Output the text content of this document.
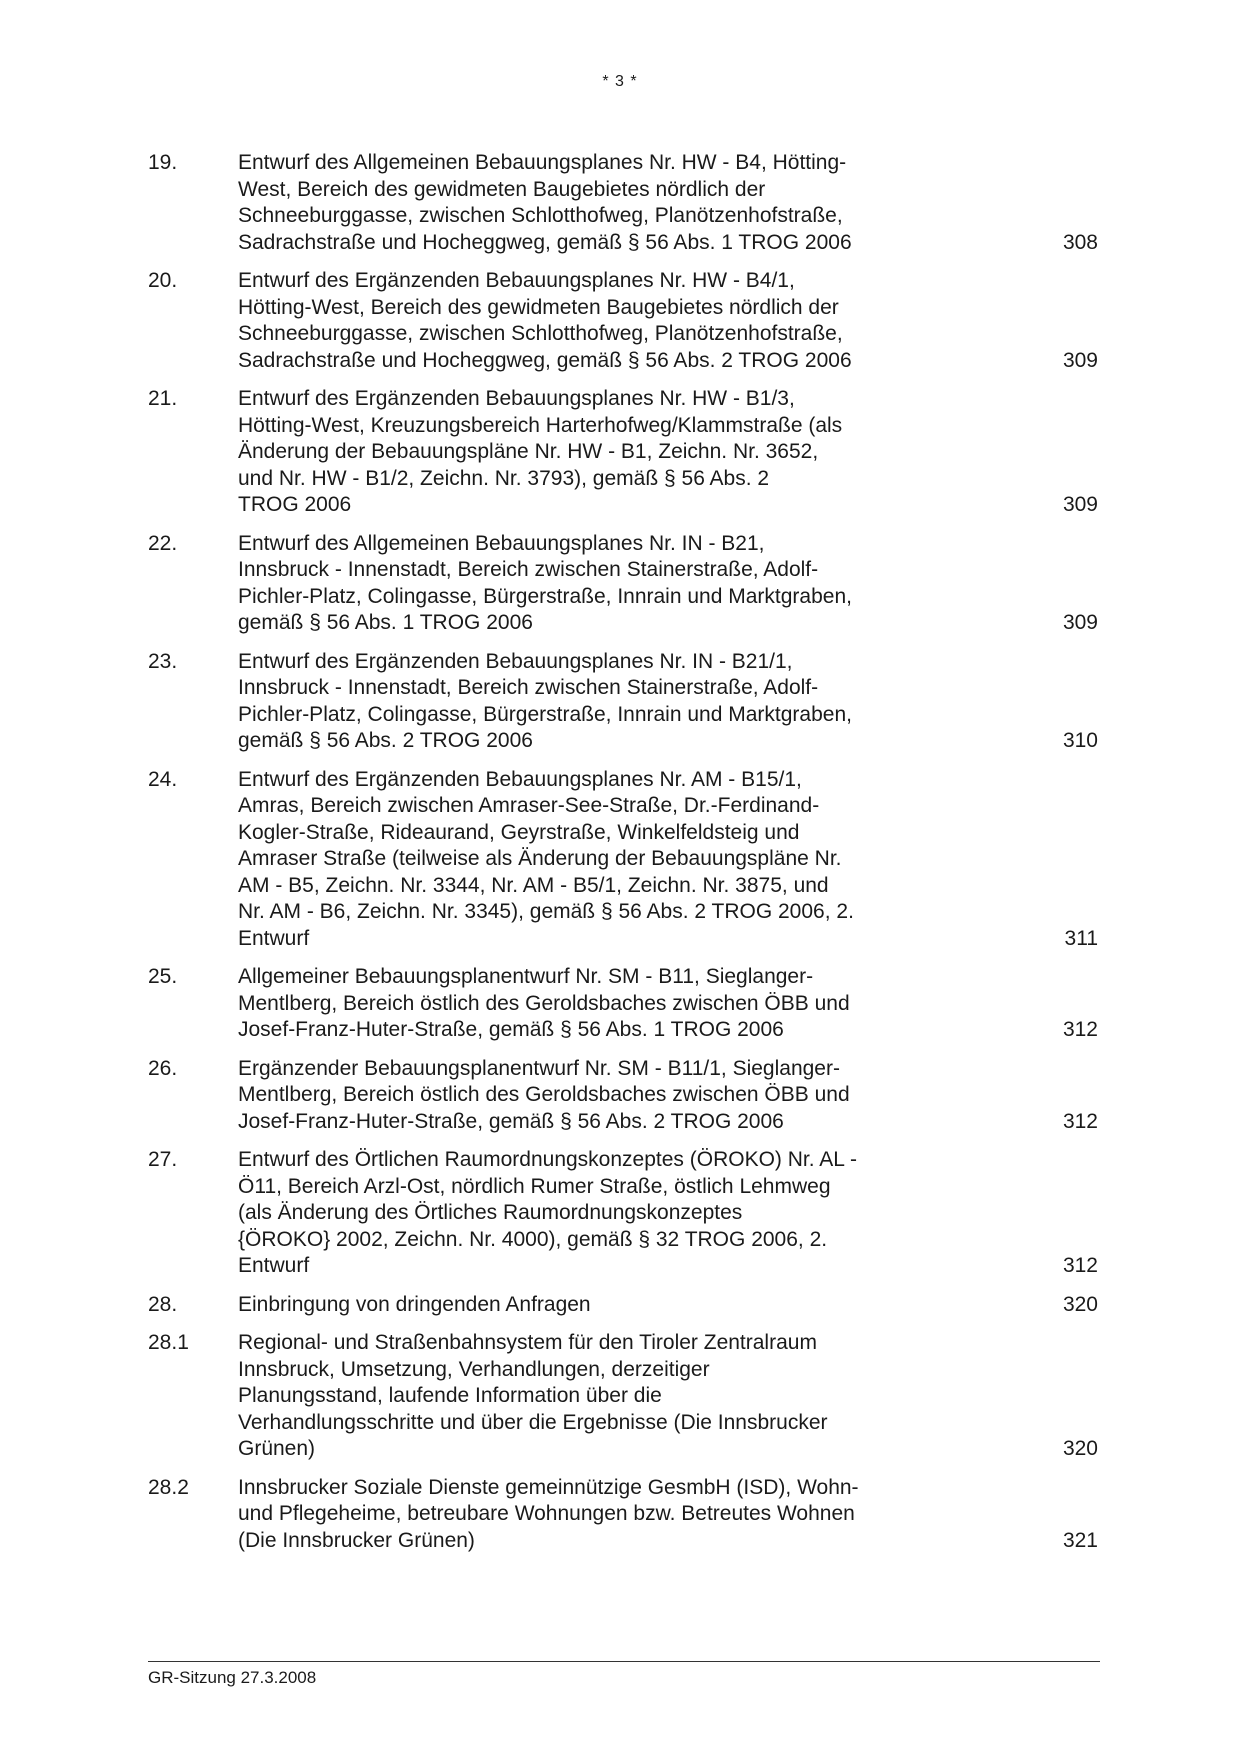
* 3 *
19.	Entwurf des Allgemeinen Bebauungsplanes Nr. HW - B4, Hötting-
West, Bereich des gewidmeten Baugebietes nördlich der
Schneeburggasse, zwischen Schlotthofweg, Planötzenhofstraße,
Sadrachstraße und Hocheggweg, gemäß § 56 Abs. 1 TROG 2006	308
20.	Entwurf des Ergänzenden Bebauungsplanes Nr. HW - B4/1,
Hötting-West, Bereich des gewidmeten Baugebietes nördlich der
Schneeburggasse, zwischen Schlotthofweg, Planötzenhofstraße,
Sadrachstraße und Hocheggweg, gemäß § 56 Abs. 2 TROG 2006	309
21.	Entwurf des Ergänzenden Bebauungsplanes Nr. HW - B1/3,
Hötting-West, Kreuzungsbereich Harterhofweg/Klammstraße (als
Änderung der Bebauungspläne Nr. HW - B1, Zeichn. Nr. 3652,
und Nr. HW - B1/2, Zeichn. Nr. 3793), gemäß § 56 Abs. 2
TROG 2006	309
22.	Entwurf des Allgemeinen Bebauungsplanes Nr. IN - B21,
Innsbruck - Innenstadt, Bereich zwischen Stainerstraße, Adolf-
Pichler-Platz, Colingasse, Bürgerstraße, Innrain und Marktgraben,
gemäß § 56 Abs. 1 TROG 2006	309
23.	Entwurf des Ergänzenden Bebauungsplanes Nr. IN - B21/1,
Innsbruck - Innenstadt, Bereich zwischen Stainerstraße, Adolf-
Pichler-Platz, Colingasse, Bürgerstraße, Innrain und Marktgraben,
gemäß § 56 Abs. 2 TROG 2006	310
24.	Entwurf des Ergänzenden Bebauungsplanes Nr. AM - B15/1,
Amras, Bereich zwischen Amraser-See-Straße, Dr.-Ferdinand-
Kogler-Straße, Rideaurand, Geyrstraße, Winkelfeldsteig und
Amraser Straße (teilweise als Änderung der Bebauungspläne Nr.
AM - B5, Zeichn. Nr. 3344, Nr. AM - B5/1, Zeichn. Nr. 3875, und
Nr. AM - B6, Zeichn. Nr. 3345), gemäß § 56 Abs. 2 TROG 2006, 2.
Entwurf	311
25.	Allgemeiner Bebauungsplanentwurf Nr. SM - B11, Sieglanger-
Mentlberg, Bereich östlich des Geroldsbaches zwischen ÖBB und
Josef-Franz-Huter-Straße, gemäß § 56 Abs. 1 TROG 2006	312
26.	Ergänzender Bebauungsplanentwurf Nr. SM - B11/1, Sieglanger-
Mentlberg, Bereich östlich des Geroldsbaches zwischen ÖBB und
Josef-Franz-Huter-Straße, gemäß § 56 Abs. 2 TROG 2006	312
27.	Entwurf des Örtlichen Raumordnungskonzeptes (ÖROKO) Nr. AL -
Ö11, Bereich Arzl-Ost, nördlich Rumer Straße, östlich Lehmweg
(als Änderung des Örtliches Raumordnungskonzeptes
{ÖROKO} 2002, Zeichn. Nr. 4000), gemäß § 32 TROG 2006, 2.
Entwurf	312
28.	Einbringung von dringenden Anfragen	320
28.1	Regional- und Straßenbahnsystem für den Tiroler Zentralraum
Innsbruck, Umsetzung, Verhandlungen, derzeitiger
Planungsstand, laufende Information über die
Verhandlungsschritte und über die Ergebnisse (Die Innsbrucker
Grünen)	320
28.2	Innsbrucker Soziale Dienste gemeinnützige GesmbH (ISD), Wohn-
und Pflegeheime, betreubare Wohnungen bzw. Betreutes Wohnen
(Die Innsbrucker Grünen)	321
GR-Sitzung 27.3.2008
